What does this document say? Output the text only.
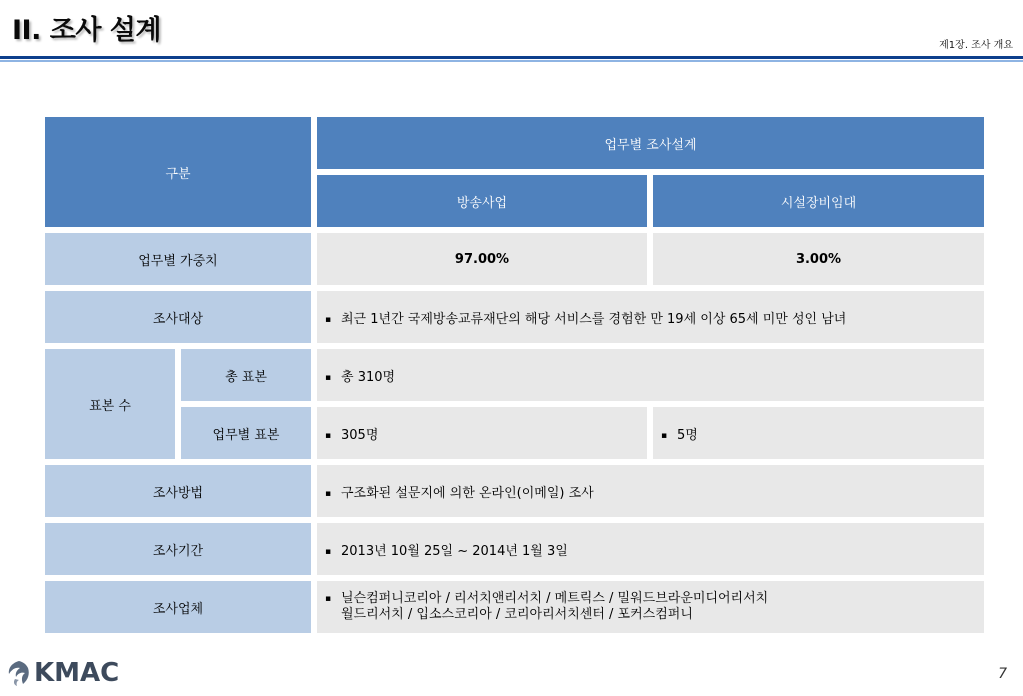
II. 조사 설계	제1장. 조사 개요
구분		업무별 조사설계	
		방송사업	시설장비임대
업무별 가중치		97.00%	3.00%
조사대상		▪ 최근 1년간 국제방송교류재단의 해당 서비스를 경험한 만 19세 이상 65세 미만 성인 남녀	
표본 수	총 표본	▪ 총 310명	
	업무별 표본	▪ 305명	▪ 5명
조사방법		▪ 구조화된 설문지에 의한 온라인(이메일) 조사	
조사기간		▪ 2013년 10월 25일 ~ 2014년 1월 3일	
조사업체		▪ 닐슨컴퍼니코리아 / 리서치앤리서치 / 메트릭스 / 밀워드브라운미디어리서치
월드리서치 / 입소스코리아 / 코리아리서치센터 / 포커스컴퍼니	
KMAC	7
